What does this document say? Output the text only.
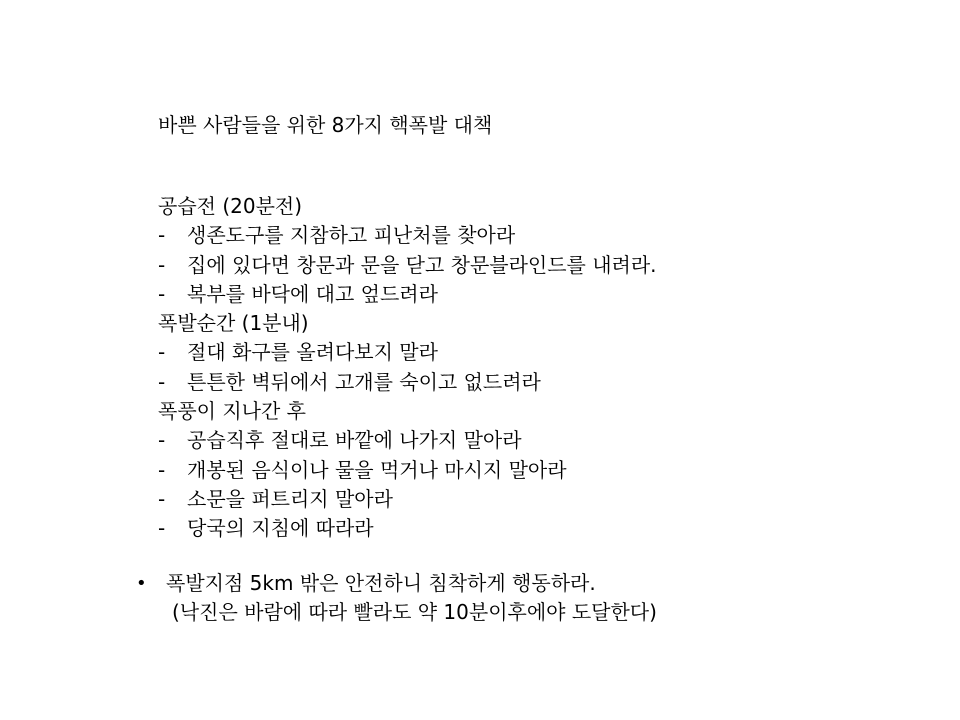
바쁜 사람들을 위한 8가지 핵폭발 대책
공습전 (20분전)
-	생존도구를 지참하고 피난처를 찾아라
-	집에 있다면 창문과 문을 닫고 창문블라인드를 내려라.
-	복부를 바닥에 대고 엎드려라
폭발순간 (1분내)
-	절대 화구를 올려다보지 말라
-	튼튼한 벽뒤에서 고개를 숙이고 없드려라
폭풍이 지나간 후
-	공습직후 절대로 바깥에 나가지 말아라
-	개봉된 음식이나 물을 먹거나 마시지 말아라
-	소문을 퍼트리지 말아라
-	당국의 지침에 따라라
• 폭발지점 5km 밖은 안전하니 침착하게 행동하라.
(낙진은 바람에 따라 빨라도 약 10분이후에야 도달한다)
